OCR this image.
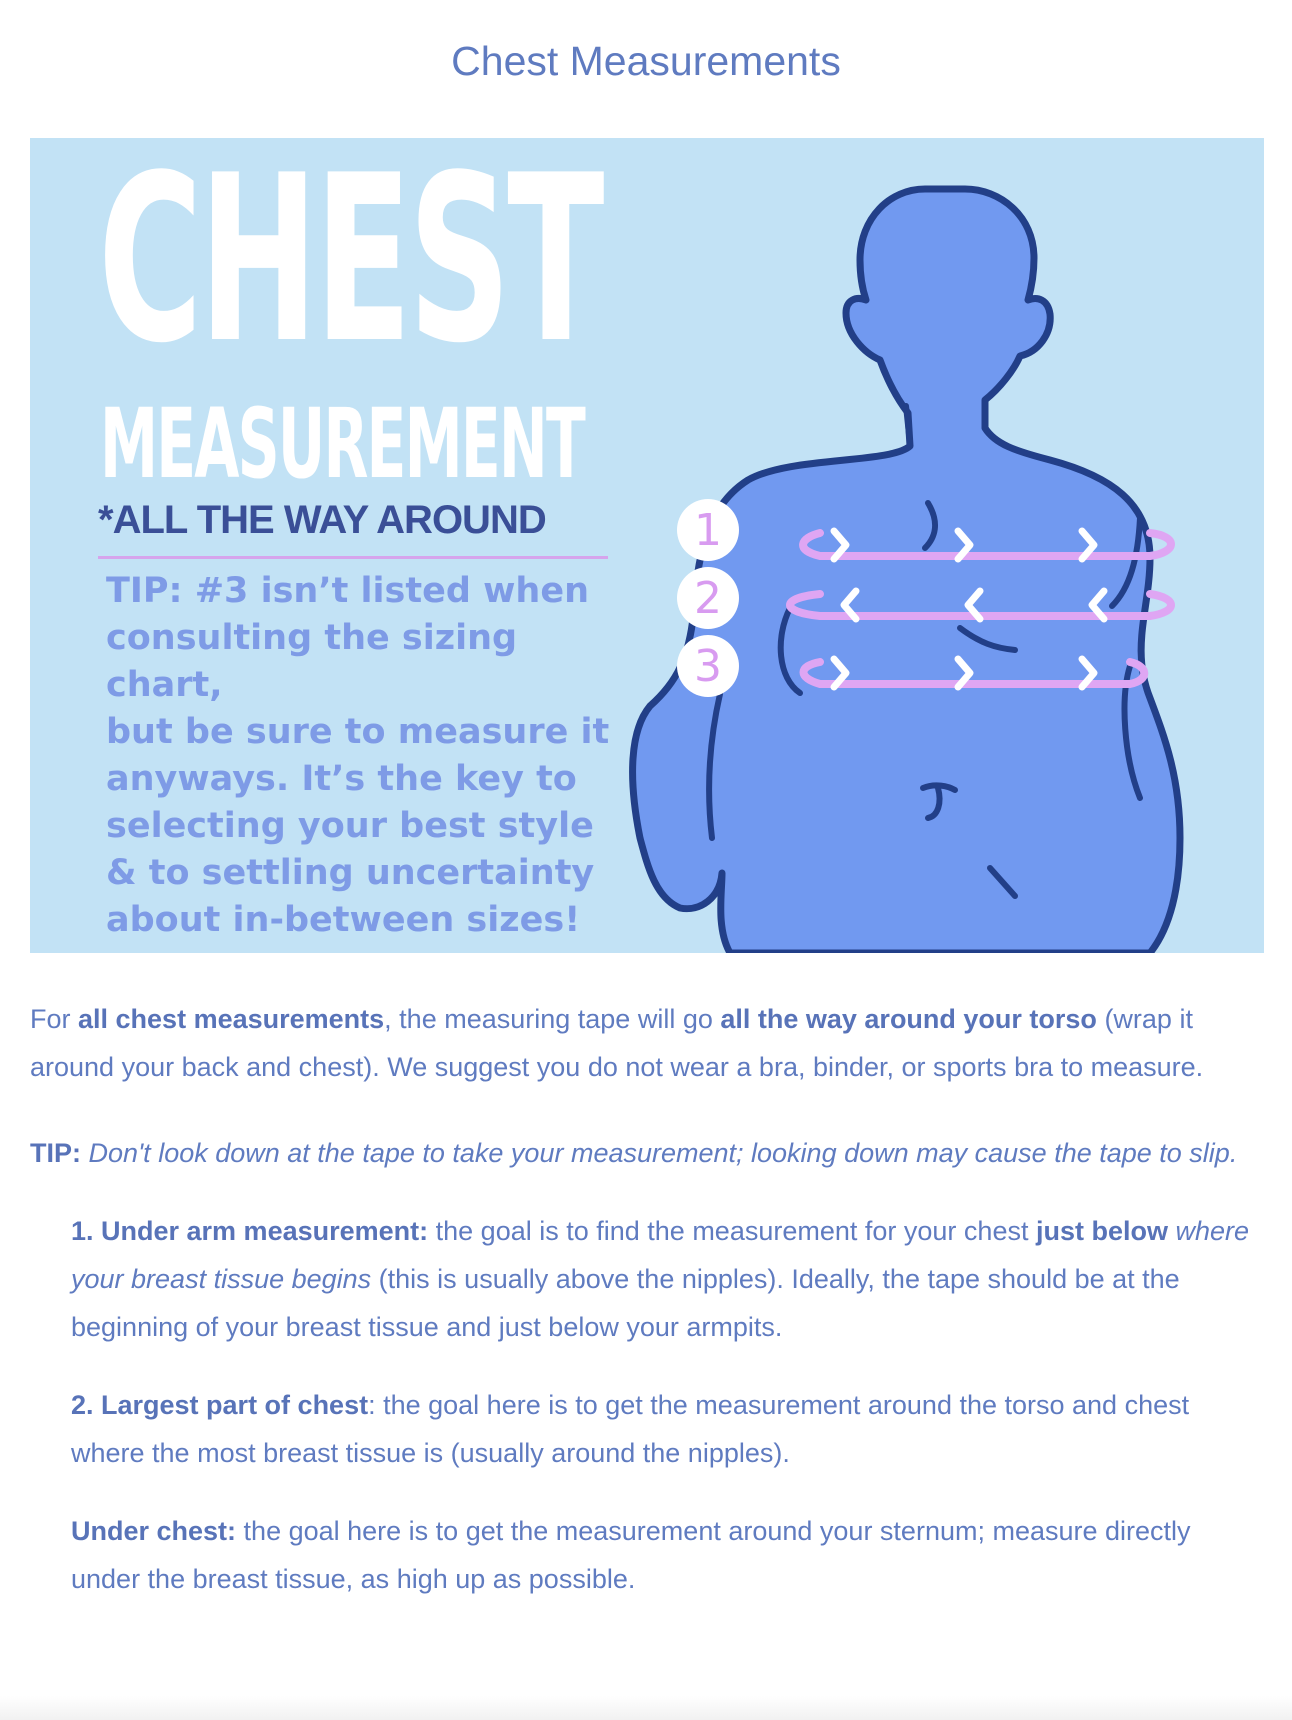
Chest Measurements
CHEST
MEASUREMENT
*ALL THE WAY AROUND
TIP: #3 isn’t listed when
consulting the sizing chart,
but be sure to measure it
anyways. It’s the key to
selecting your best style
& to settling uncertainty
about in-between sizes!
1
2
3

For all chest measurements, the measuring tape will go all the way around your torso (wrap it around your back and chest). We suggest you do not wear a bra, binder, or sports bra to measure.

TIP: Don't look down at the tape to take your measurement; looking down may cause the tape to slip.

1. Under arm measurement: the goal is to find the measurement for your chest just below where your breast tissue begins (this is usually above the nipples). Ideally, the tape should be at the beginning of your breast tissue and just below your armpits.

2. Largest part of chest: the goal here is to get the measurement around the torso and chest where the most breast tissue is (usually around the nipples).

Under chest: the goal here is to get the measurement around your sternum; measure directly under the breast tissue, as high up as possible.
